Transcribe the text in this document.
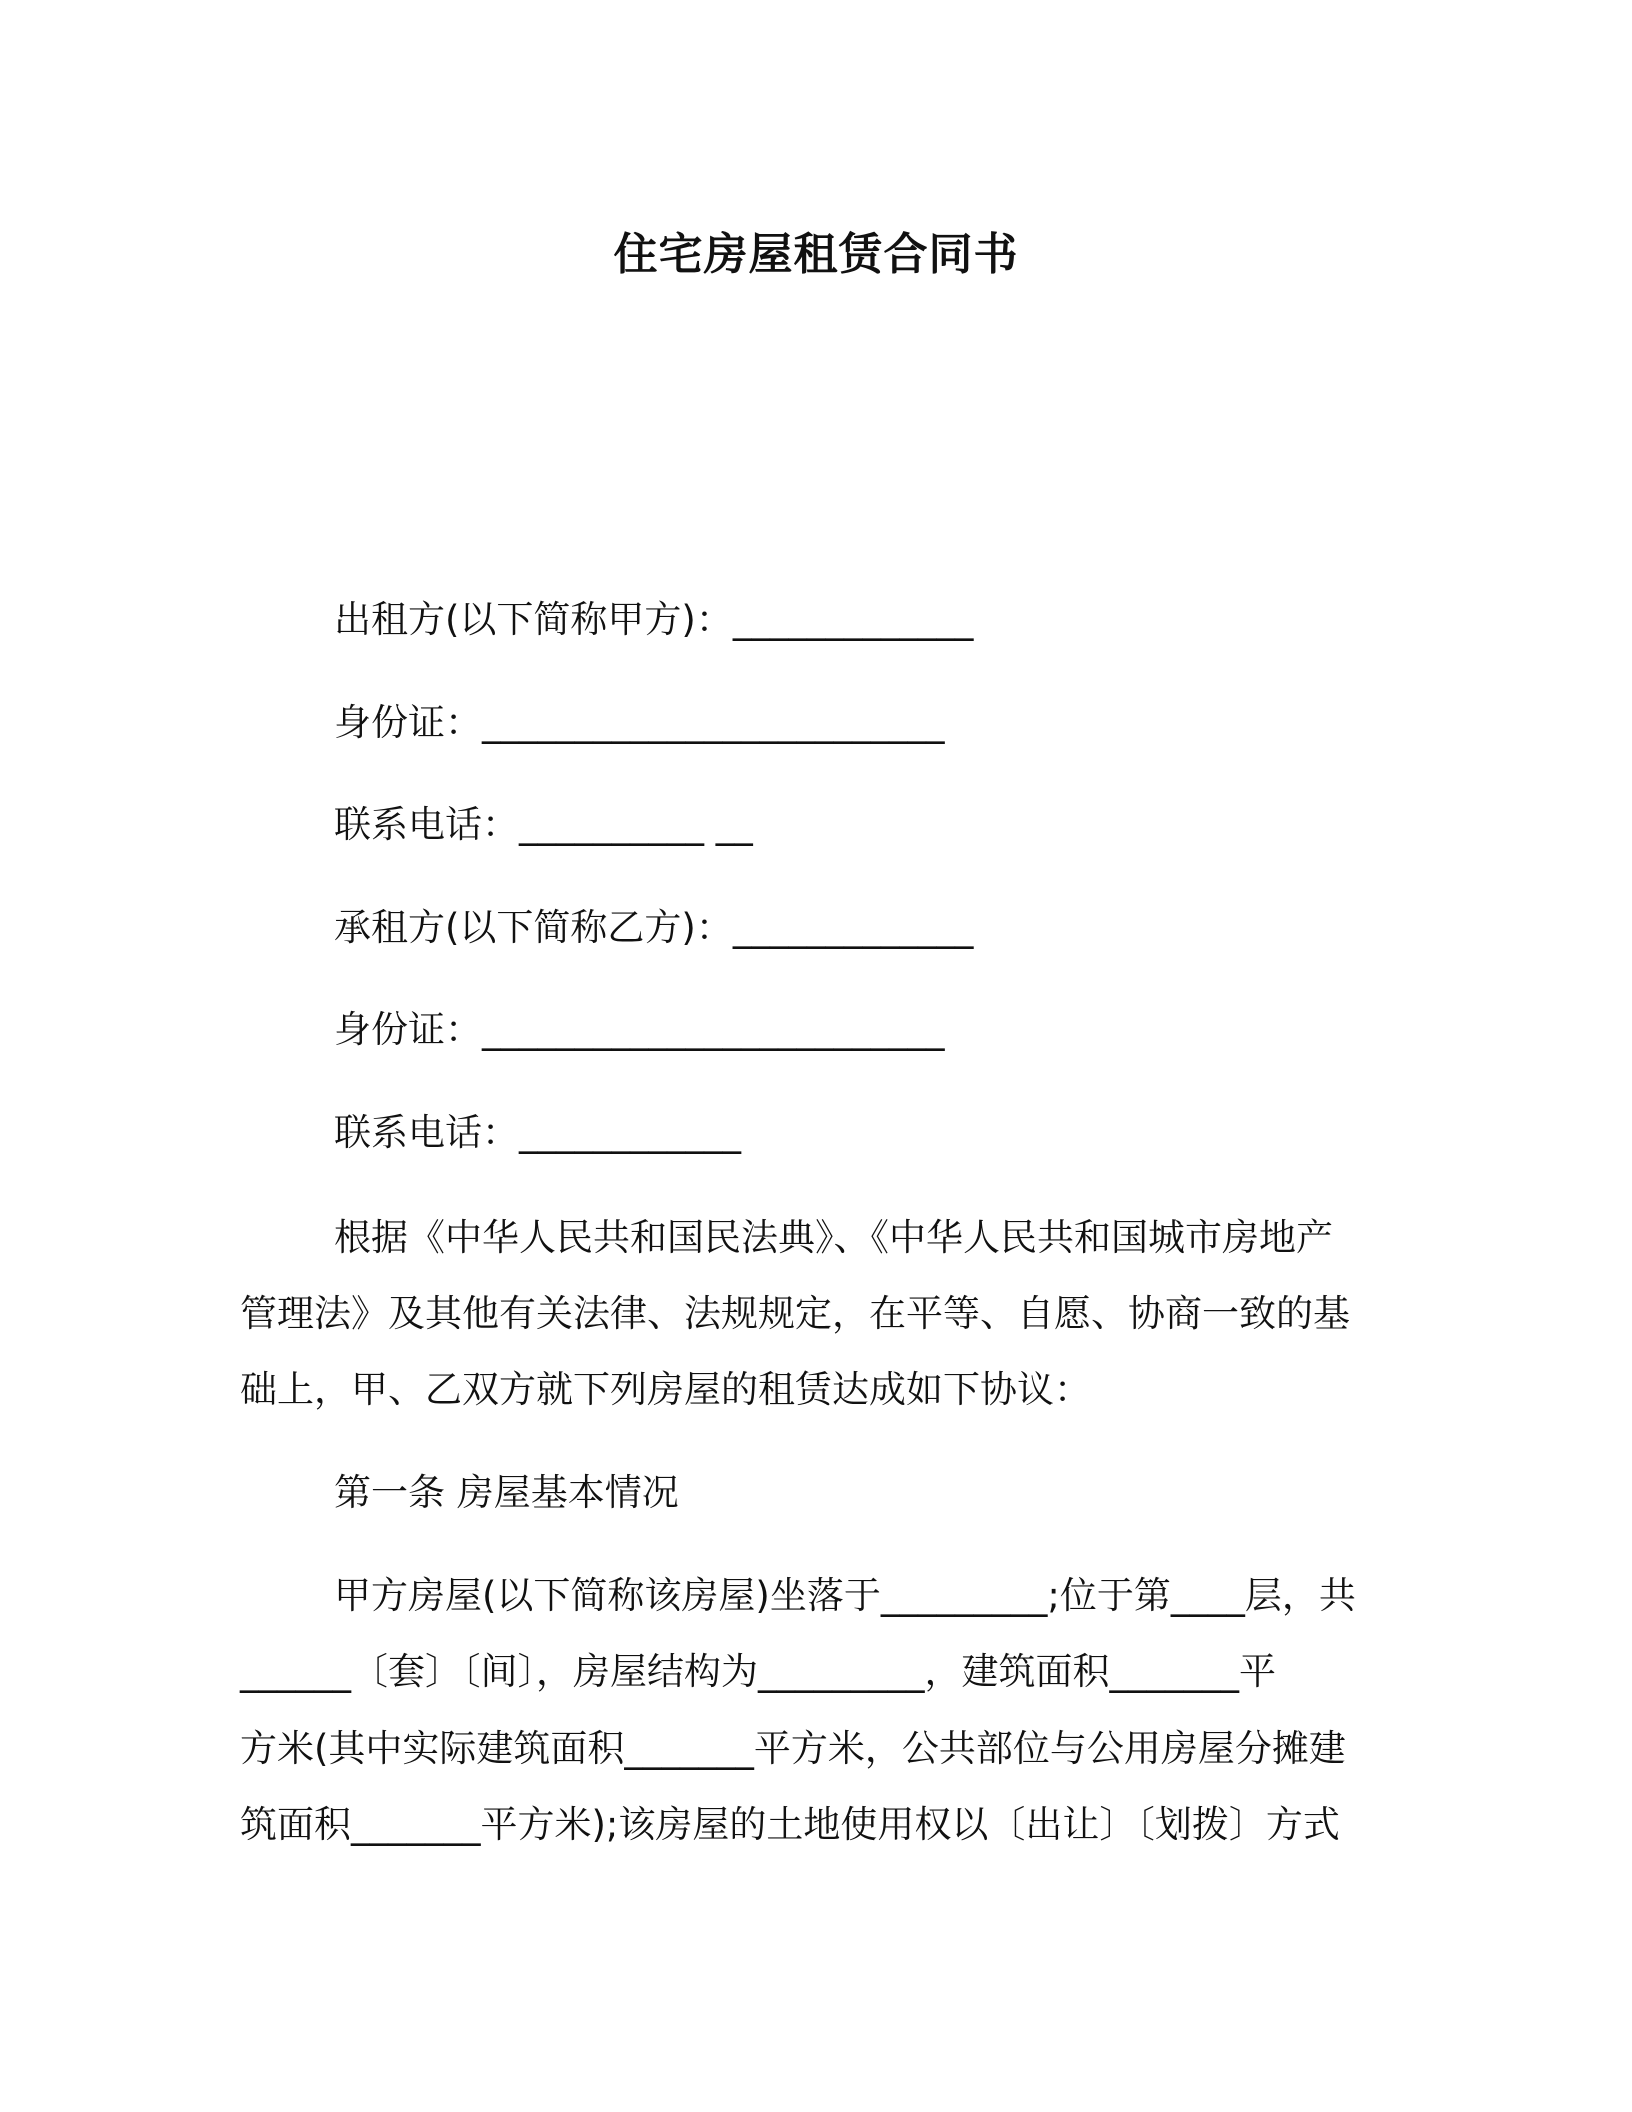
住宅房屋租赁合同书
出租方(以下简称甲方)：_____________
身份证：_________________________
联系电话：__________ __
承租方(以下简称乙方)：_____________
身份证：_________________________
联系电话：____________
根据《中华人民共和国民法典》、《中华人民共和国城市房地产
管理法》及其他有关法律、法规规定，在平等、自愿、协商一致的基
础上，甲、乙双方就下列房屋的租赁达成如下协议：
第一条 房屋基本情况
甲方房屋(以下简称该房屋)坐落于_________;位于第____层，共
______〔套〕〔间〕，房屋结构为_________，建筑面积_______平
方米(其中实际建筑面积_______平方米，公共部位与公用房屋分摊建
筑面积_______平方米);该房屋的土地使用权以〔出让〕〔划拨〕方式
